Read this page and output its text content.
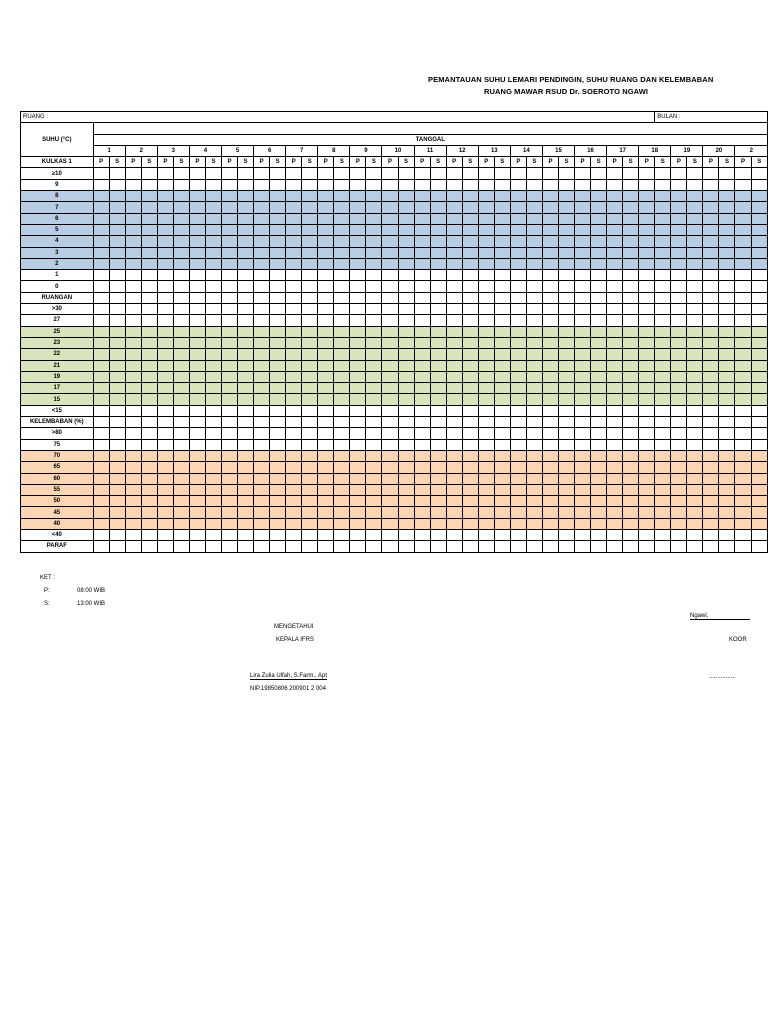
PEMANTAUAN SUHU LEMARI PENDINGIN, SUHU RUANG DAN KELEMBABAN
RUANG MAWAR RSUD Dr. SOEROTO NGAWI
RUANG :																																				BULAN :						
SUHU (°C)																																										
	TANGGAL																																									
	1		2		3		4		5		6		7		8		9		10		11		12		13		14		15		16		17		18		19		20		2	
KULKAS 1	P	S	P	S	P	S	P	S	P	S	P	S	P	S	P	S	P	S	P	S	P	S	P	S	P	S	P	S	P	S	P	S	P	S	P	S	P	S	P	S	P	S
≥10																																										
9																																										
8																																										
7																																										
6																																										
5																																										
4																																										
3																																										
2																																										
1																																										
0																																										
RUANGAN																																										
>30																																										
27																																										
25																																										
23																																										
22																																										
21																																										
19																																										
17																																										
15																																										
<15																																										
KELEMBABAN (%)																																										
>80																																										
75																																										
70																																										
65																																										
60																																										
55																																										
50																																										
45																																										
40																																										
<40																																										
PARAF																																										
KET :
P:	08:00 WIB
S:	13:00 WIB
Ngawi,
MENGETAHUI
KEPALA IFRS	KOOR
Lira Zulia Ulfah, S.Farm., Apt
NIP.19850806 200901 2 004
................
